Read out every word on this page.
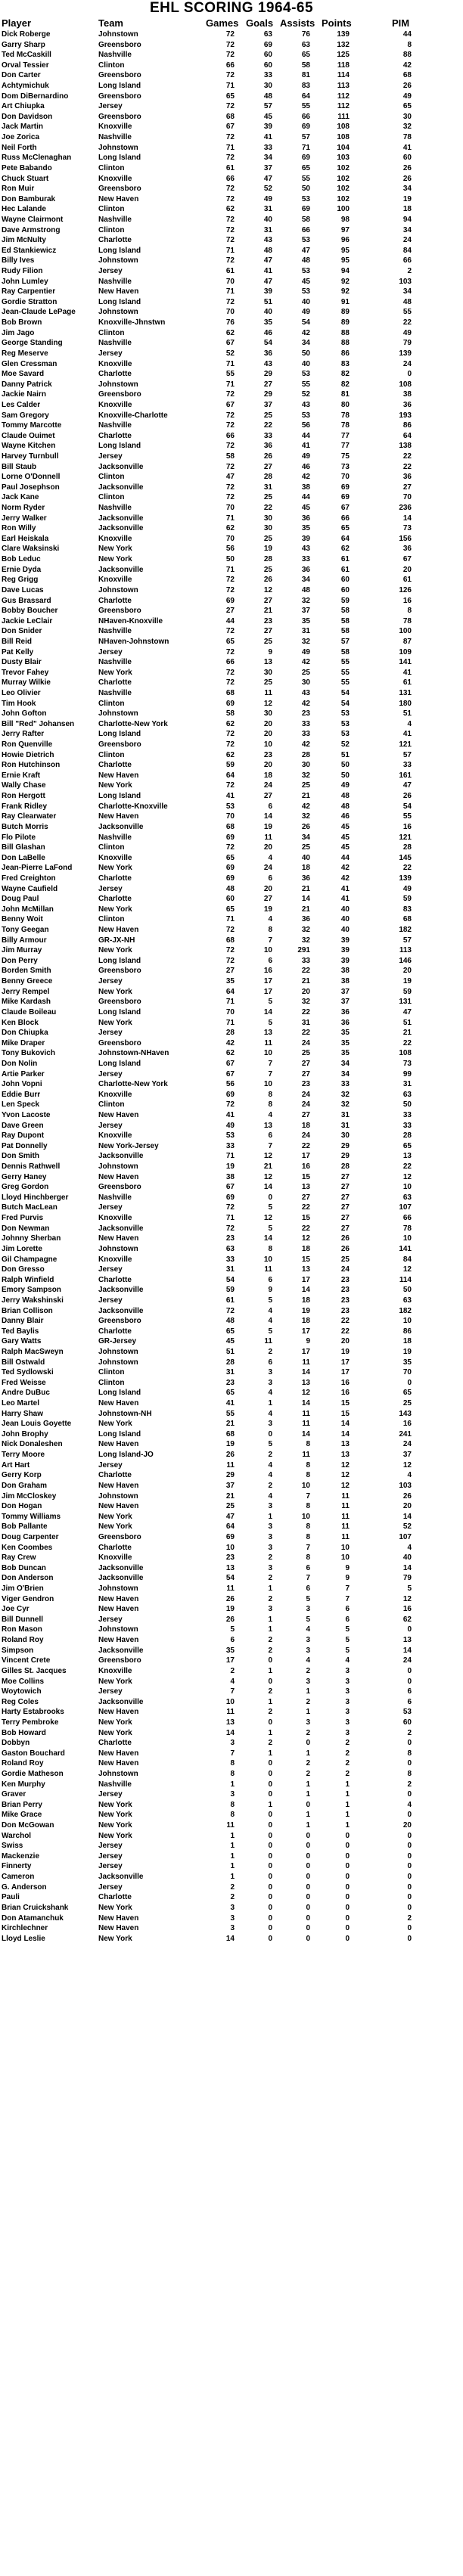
EHL SCORING 1964-65
Player	Team	Games Goals Assists Points	PIM
Dick Roberge	Johnstown	72	63	76	139	44
Garry Sharp	Greensboro	72	69	63	132	8
Ted McCaskill	Nashville	72	60	65	125	88
Orval Tessier	Clinton	66	60	58	118	42
Don Carter	Greensboro	72	33	81	114	68
Achtymichuk	Long Island	71	30	83	113	26
Dom DiBernardino	Greensboro	65	48	64	112	49
Art Chiupka	Jersey	72	57	55	112	65
Don Davidson	Greensboro	68	45	66	111	30
Jack Martin	Knoxville	67	39	69	108	32
Joe Zorica	Nashville	72	41	57	108	78
Neil Forth	Johnstown	71	33	71	104	41
Russ McClenaghan	Long Island	72	34	69	103	60
Pete Babando	Clinton	61	37	65	102	26
Chuck Stuart	Knoxville	66	47	55	102	26
Ron Muir	Greensboro	72	52	50	102	34
Don Bamburak	New Haven	72	49	53	102	19
Hec Lalande	Clinton	62	31	69	100	18
Wayne Clairmont	Nashville	72	40	58	98	94
Dave Armstrong	Clinton	72	31	66	97	34
Jim McNulty	Charlotte	72	43	53	96	24
Ed Stankiewicz	Long Island	71	48	47	95	84
Billy Ives	Johnstown	72	47	48	95	66
Rudy Filion	Jersey	61	41	53	94	2
John Lumley	Nashville	70	47	45	92	103
Ray Carpentier	New Haven	71	39	53	92	34
Gordie Stratton	Long Island	72	51	40	91	48
Jean-Claude LePage	Johnstown	70	40	49	89	55
Bob Brown	Knoxville-Jhnstwn	76	35	54	89	22
Jim Jago	Clinton	62	46	42	88	49
George Standing	Nashville	67	54	34	88	79
Reg Meserve	Jersey	52	36	50	86	139
Glen Cressman	Knoxville	71	43	40	83	24
Moe Savard	Charlotte	55	29	53	82	0
Danny Patrick	Johnstown	71	27	55	82	108
Jackie Nairn	Greensboro	72	29	52	81	38
Les Calder	Knoxville	67	37	43	80	36
Sam Gregory	Knoxville-Charlotte	72	25	53	78	193
Tommy Marcotte	Nashville	72	22	56	78	86
Claude Ouimet	Charlotte	66	33	44	77	64
Wayne Kitchen	Long Island	72	36	41	77	138
Harvey Turnbull	Jersey	58	26	49	75	22
Bill Staub	Jacksonville	72	27	46	73	22
Lorne O'Donnell	Clinton	47	28	42	70	36
Paul Josephson	Jacksonville	72	31	38	69	27
Jack Kane	Clinton	72	25	44	69	70
Norm Ryder	Nashville	70	22	45	67	236
Jerry Walker	Jacksonville	71	30	36	66	14
Ron Willy	Jacksonville	62	30	35	65	73
Earl Heiskala	Knoxville	70	25	39	64	156
Clare Waksinski	New York	56	19	43	62	36
Bob Leduc	New York	50	28	33	61	67
Ernie Dyda	Jacksonville	71	25	36	61	20
Reg Grigg	Knoxville	72	26	34	60	61
Dave Lucas	Johnstown	72	12	48	60	126
Gus Brassard	Charlotte	69	27	32	59	16
Bobby Boucher	Greensboro	27	21	37	58	8
Jackie LeClair	NHaven-Knoxville	44	23	35	58	78
Don Snider	Nashville	72	27	31	58	100
Bill Reid	NHaven-Johnstown	65	25	32	57	87
Pat Kelly	Jersey	72	9	49	58	109
Dusty Blair	Nashville	66	13	42	55	141
Trevor Fahey	New York	72	30	25	55	41
Murray Wilkie	Charlotte	72	25	30	55	61
Leo Olivier	Nashville	68	11	43	54	131
Tim Hook	Clinton	69	12	42	54	180
John Gofton	Johnstown	58	30	23	53	51
Bill "Red" Johansen	Charlotte-New York	62	20	33	53	4
Jerry Rafter	Long Island	72	20	33	53	41
Ron Quenville	Greensboro	72	10	42	52	121
Howie Dietrich	Clinton	62	23	28	51	57
Ron Hutchinson	Charlotte	59	20	30	50	33
Ernie Kraft	New Haven	64	18	32	50	161
Wally Chase	New York	72	24	25	49	47
Ron Hergott	Long Island	41	27	21	48	26
Frank Ridley	Charlotte-Knoxville	53	6	42	48	54
Ray Clearwater	New Haven	70	14	32	46	55
Butch Morris	Jacksonville	68	19	26	45	16
Flo Pilote	Nashville	69	11	34	45	121
Bill Glashan	Clinton	72	20	25	45	28
Don LaBelle	Knoxville	65	4	40	44	145
Jean-Pierre LaFond	New York	69	24	18	42	22
Fred Creighton	Charlotte	69	6	36	42	139
Wayne Caufield	Jersey	48	20	21	41	49
Doug Paul	Charlotte	60	27	14	41	59
John McMillan	New York	65	19	21	40	83
Benny Woit	Clinton	71	4	36	40	68
Tony Geegan	New Haven	72	8	32	40	182
Billy Armour	GR-JX-NH	68	7	32	39	57
Jim Murray	New York	72	10	291	39	113
Don Perry	Long Island	72	6	33	39	146
Borden Smith	Greensboro	27	16	22	38	20
Benny Greece	Jersey	35	17	21	38	19
Jerry Rempel	New York	64	17	20	37	59
Mike Kardash	Greensboro	71	5	32	37	131
Claude Boileau	Long Island	70	14	22	36	47
Ken Block	New York	71	5	31	36	51
Don Chiupka	Jersey	28	13	22	35	21
Mike Draper	Greensboro	42	11	24	35	22
Tony Bukovich	Johnstown-NHaven	62	10	25	35	108
Don Nolin	Long Island	67	7	27	34	73
Artie Parker	Jersey	67	7	27	34	99
John Vopni	Charlotte-New York	56	10	23	33	31
Eddie Burr	Knoxville	69	8	24	32	63
Len Speck	Clinton	72	8	24	32	50
Yvon Lacoste	New Haven	41	4	27	31	33
Dave Green	Jersey	49	13	18	31	33
Ray Dupont	Knoxville	53	6	24	30	28
Pat Donnelly	New York-Jersey	33	7	22	29	65
Don Smith	Jacksonville	71	12	17	29	13
Dennis Rathwell	Johnstown	19	21	16	28	22
Gerry Haney	New Haven	38	12	15	27	12
Greg Gordon	Greensboro	67	14	13	27	10
Lloyd Hinchberger	Nashville	69	0	27	27	63
Butch MacLean	Jersey	72	5	22	27	107
Fred Purvis	Knoxville	71	12	15	27	66
Don Newman	Jacksonville	72	5	22	27	78
Johnny Sherban	New Haven	23	14	12	26	10
Jim Lorette	Johnstown	63	8	18	26	141
Gil Champagne	Knoxville	33	10	15	25	84
Don Gresso	Jersey	31	11	13	24	12
Ralph Winfield	Charlotte	54	6	17	23	114
Emory Sampson	Jacksonville	59	9	14	23	50
Jerry Wakshinski	Jersey	61	5	18	23	63
Brian Collison	Jacksonville	72	4	19	23	182
Danny Blair	Greensboro	48	4	18	22	10
Ted Baylis	Charlotte	65	5	17	22	86
Gary Watts	GR-Jersey	45	11	9	20	18
Ralph MacSweyn	Johnstown	51	2	17	19	19
Bill Ostwald	Johnstown	28	6	11	17	35
Ted Sydlowski	Clinton	31	3	14	17	70
Fred Weisse	Clinton	23	3	13	16	0
Andre DuBuc	Long Island	65	4	12	16	65
Leo Martel	New Haven	41	1	14	15	25
Harry Shaw	Johnstown-NH	55	4	11	15	143
Jean Louis Goyette	New York	21	3	11	14	16
John Brophy	Long Island	68	0	14	14	241
Nick Donaleshen	New Haven	19	5	8	13	24
Terry Moore	Long Island-JO	26	2	11	13	37
Art Hart	Jersey	11	4	8	12	12
Gerry Korp	Charlotte	29	4	8	12	4
Don Graham	New Haven	37	2	10	12	103
Jim McCloskey	Johnstown	21	4	7	11	26
Don Hogan	New Haven	25	3	8	11	20
Tommy Williams	New York	47	1	10	11	14
Bob Pallante	New York	64	3	8	11	52
Doug Carpenter	Greensboro	69	3	8	11	107
Ken Coombes	Charlotte	10	3	7	10	4
Ray Crew	Knoxville	23	2	8	10	40
Bob Duncan	Jacksonville	13	3	6	9	14
Don Anderson	Jacksonville	54	2	7	9	79
Jim O'Brien	Johnstown	11	1	6	7	5
Viger Gendron	New Haven	26	2	5	7	12
Joe Cyr	New Haven	19	3	3	6	16
Bill Dunnell	Jersey	26	1	5	6	62
Ron Mason	Johnstown	5	1	4	5	0
Roland Roy	New Haven	6	2	3	5	13
Simpson	Jacksonville	35	2	3	5	14
Vincent Crete	Greensboro	17	0	4	4	24
Gilles St. Jacques	Knoxville	2	1	2	3	0
Moe Collins	New York	4	0	3	3	0
Woytowich	Jersey	7	2	1	3	6
Reg Coles	Jacksonville	10	1	2	3	6
Harty Estabrooks	New Haven	11	2	1	3	53
Terry Pembroke	New York	13	0	3	3	60
Bob Howard	New York	14	1	2	3	2
Dobbyn	Charlotte	3	2	0	2	0
Gaston Bouchard	New Haven	7	1	1	2	8
Roland Roy	New Haven	8	0	2	2	0
Gordie Matheson	Johnstown	8	0	2	2	8
Ken Murphy	Nashville	1	0	1	1	2
Graver	Jersey	3	0	1	1	0
Brian Perry	New York	8	1	0	1	4
Mike Grace	New York	8	0	1	1	0
Don McGowan	New York	11	0	1	1	20
Warchol	New York	1	0	0	0	0
Swiss	Jersey	1	0	0	0	0
Mackenzie	Jersey	1	0	0	0	0
Finnerty	Jersey	1	0	0	0	0
Cameron	Jacksonville	1	0	0	0	0
G. Anderson	Jersey	2	0	0	0	0
Pauli	Charlotte	2	0	0	0	0
Brian Cruickshank	New York	3	0	0	0	0
Don Atamanchuk	New Haven	3	0	0	0	2
Kirchlechner	New Haven	3	0	0	0	0
Lloyd Leslie	New York	14	0	0	0	0
